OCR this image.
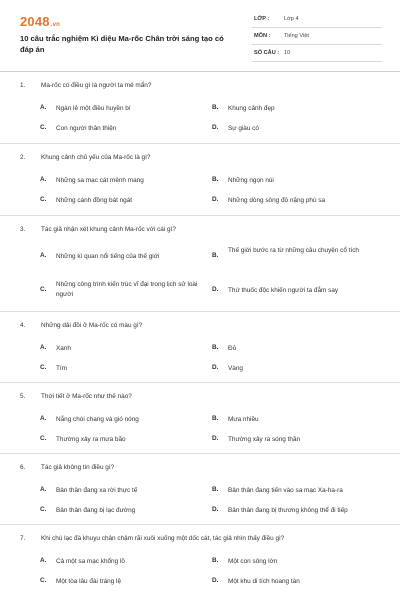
2048.vn
10 câu trắc nghiệm Kì diệu Ma-rốc Chân trời sáng tạo có đáp án
LỚP :	Lớp 4
MÔN : Tiếng Việt
SỐ CÂU : 10
1. Ma-rốc có điều gì là người ta mê mẩn?
A. Ngàn lẻ một điều huyền bí	B. Khung cảnh đẹp
C. Con người thân thiện	D. Sự giàu có
2. Khung cảnh chủ yếu của Ma-rốc là gì?
A. Những sa mạc cát mênh mang	B. Những ngọn núi
C. Những cánh đồng bát ngát	D. Những dòng sông đỏ nặng phù sa
3. Tác giả nhận xét khung cảnh Ma-rốc với cái gì?
A. Những kì quan nổi tiếng của thế giới	B.
Thế giới bước ra từ những câu chuyện cổ tích
C.
Những công trình kiến trúc vĩ đại trong lịch sử loài người
D. Thứ thuốc độc khiến người ta đắm say
4. Những dải đồi ở Ma-rốc có màu gì?
A. Xanh	B. Đỏ
C. Tím	D. Vàng
5. Thời tiết ở Ma-rốc như thế nào?
A. Nắng chói chang và gió nóng	B. Mưa nhiều
C. Thường xảy ra mưa bão	D. Thường xảy ra sóng thần
6. Tác giả không tin điều gì?
A. Bản thân đang xa rời thực tế	B. Bản thân đang tiến vào sa mạc Xa-ha-ra
C. Bản thân đang bị lạc đường	D. Bản thân đang bị thương không thể đi tiếp
7. Khi chú lạc đà khuỵu chân chậm rãi xuôi xuống một dốc cát, tác giả nhìn thấy điều gì?
A. Cả một sa mạc khổng lồ	B. Một con sông lớn
C. Một tòa lâu đài tráng lệ	D. Một khu di tích hoang tàn
